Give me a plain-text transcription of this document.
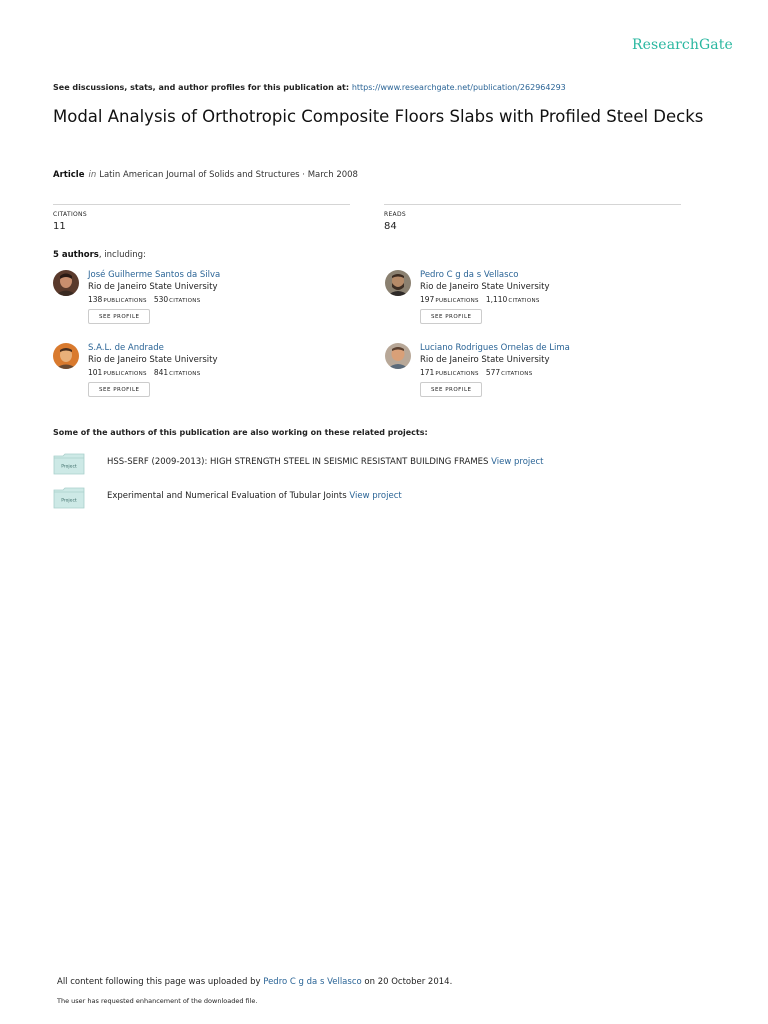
ResearchGate
See discussions, stats, and author profiles for this publication at: https://www.researchgate.net/publication/262964293
Modal Analysis of Orthotropic Composite Floors Slabs with Profiled Steel Decks
Article in Latin American Journal of Solids and Structures · March 2008
CITATIONS
11
READS
84
5 authors, including:
José Guilherme Santos da Silva
Rio de Janeiro State University
138PUBLICATIONS 530CITATIONS
SEE PROFILE
Pedro C g da s Vellasco
Rio de Janeiro State University
197PUBLICATIONS 1,110CITATIONS
SEE PROFILE
S.A.L. de Andrade
Rio de Janeiro State University
101PUBLICATIONS 841CITATIONS
SEE PROFILE
Luciano Rodrigues Ornelas de Lima
Rio de Janeiro State University
171PUBLICATIONS 577CITATIONS
SEE PROFILE
Some of the authors of this publication are also working on these related projects:
Project	HSS-SERF (2009-2013): HIGH STRENGTH STEEL IN SEISMIC RESISTANT BUILDING FRAMES View project
Project	Experimental and Numerical Evaluation of Tubular Joints View project
All content following this page was uploaded by Pedro C g da s Vellasco on 20 October 2014.
The user has requested enhancement of the downloaded file.
